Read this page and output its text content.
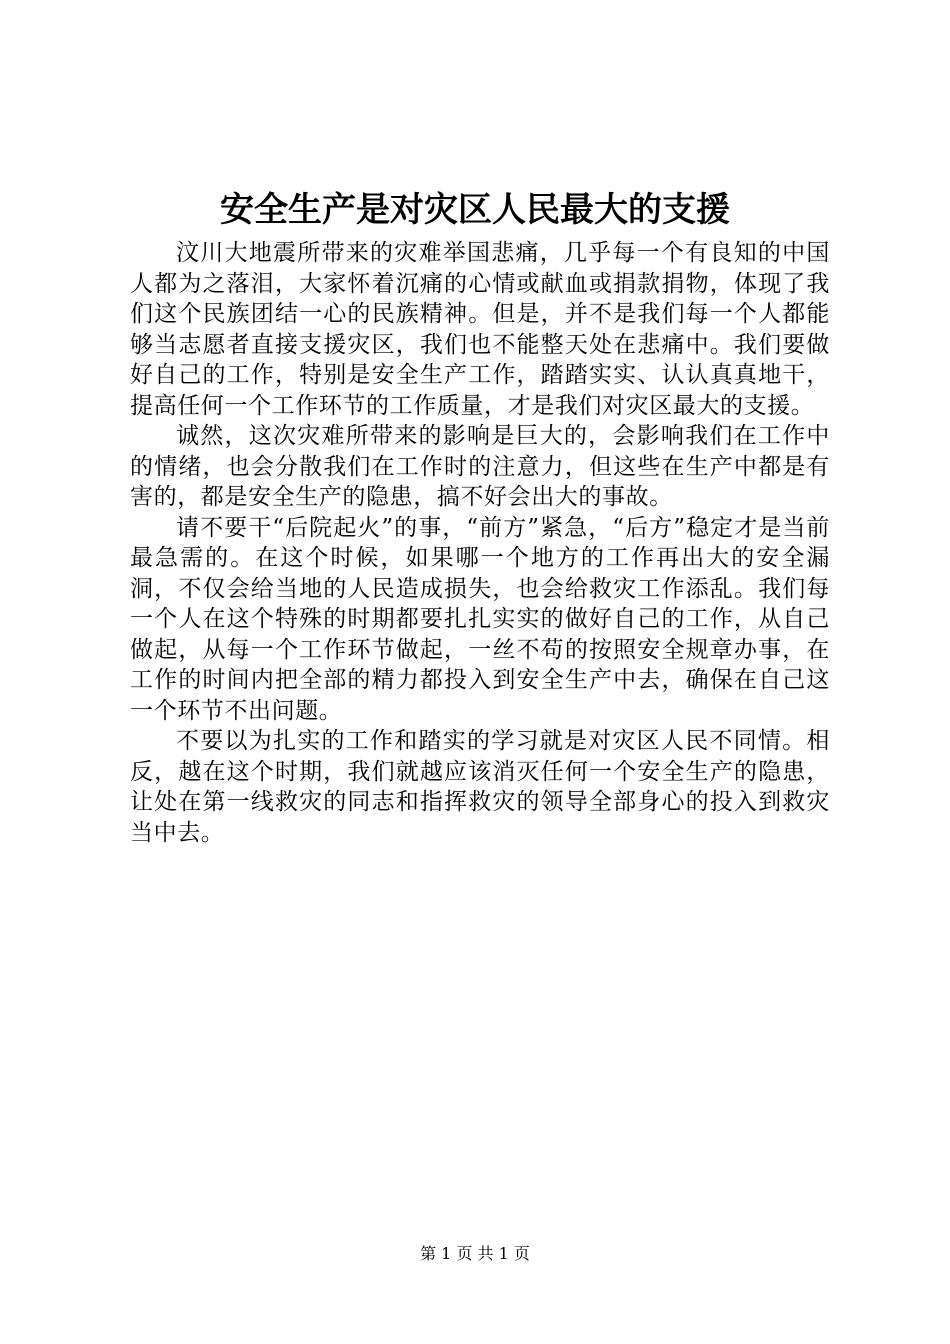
安全生产是对灾区人民最大的支援

汶川大地震所带来的灾难举国悲痛，几乎每一个有良知的中国人都为之落泪，大家怀着沉痛的心情或献血或捐款捐物，体现了我们这个民族团结一心的民族精神。但是，并不是我们每一个人都能够当志愿者直接支援灾区，我们也不能整天处在悲痛中。我们要做好自己的工作，特别是安全生产工作，踏踏实实、认认真真地干，提高任何一个工作环节的工作质量，才是我们对灾区最大的支援。

诚然，这次灾难所带来的影响是巨大的，会影响我们在工作中的情绪，也会分散我们在工作时的注意力，但这些在生产中都是有害的，都是安全生产的隐患，搞不好会出大的事故。

请不要干“后院起火”的事，“前方”紧急，“后方”稳定才是当前最急需的。在这个时候，如果哪一个地方的工作再出大的安全漏洞，不仅会给当地的人民造成损失，也会给救灾工作添乱。我们每一个人在这个特殊的时期都要扎扎实实的做好自己的工作，从自己做起，从每一个工作环节做起，一丝不苟的按照安全规章办事，在工作的时间内把全部的精力都投入到安全生产中去，确保在自己这一个环节不出问题。

不要以为扎实的工作和踏实的学习就是对灾区人民不同情。相反，越在这个时期，我们就越应该消灭任何一个安全生产的隐患，让处在第一线救灾的同志和指挥救灾的领导全部身心的投入到救灾当中去。

第 1 页 共 1 页
